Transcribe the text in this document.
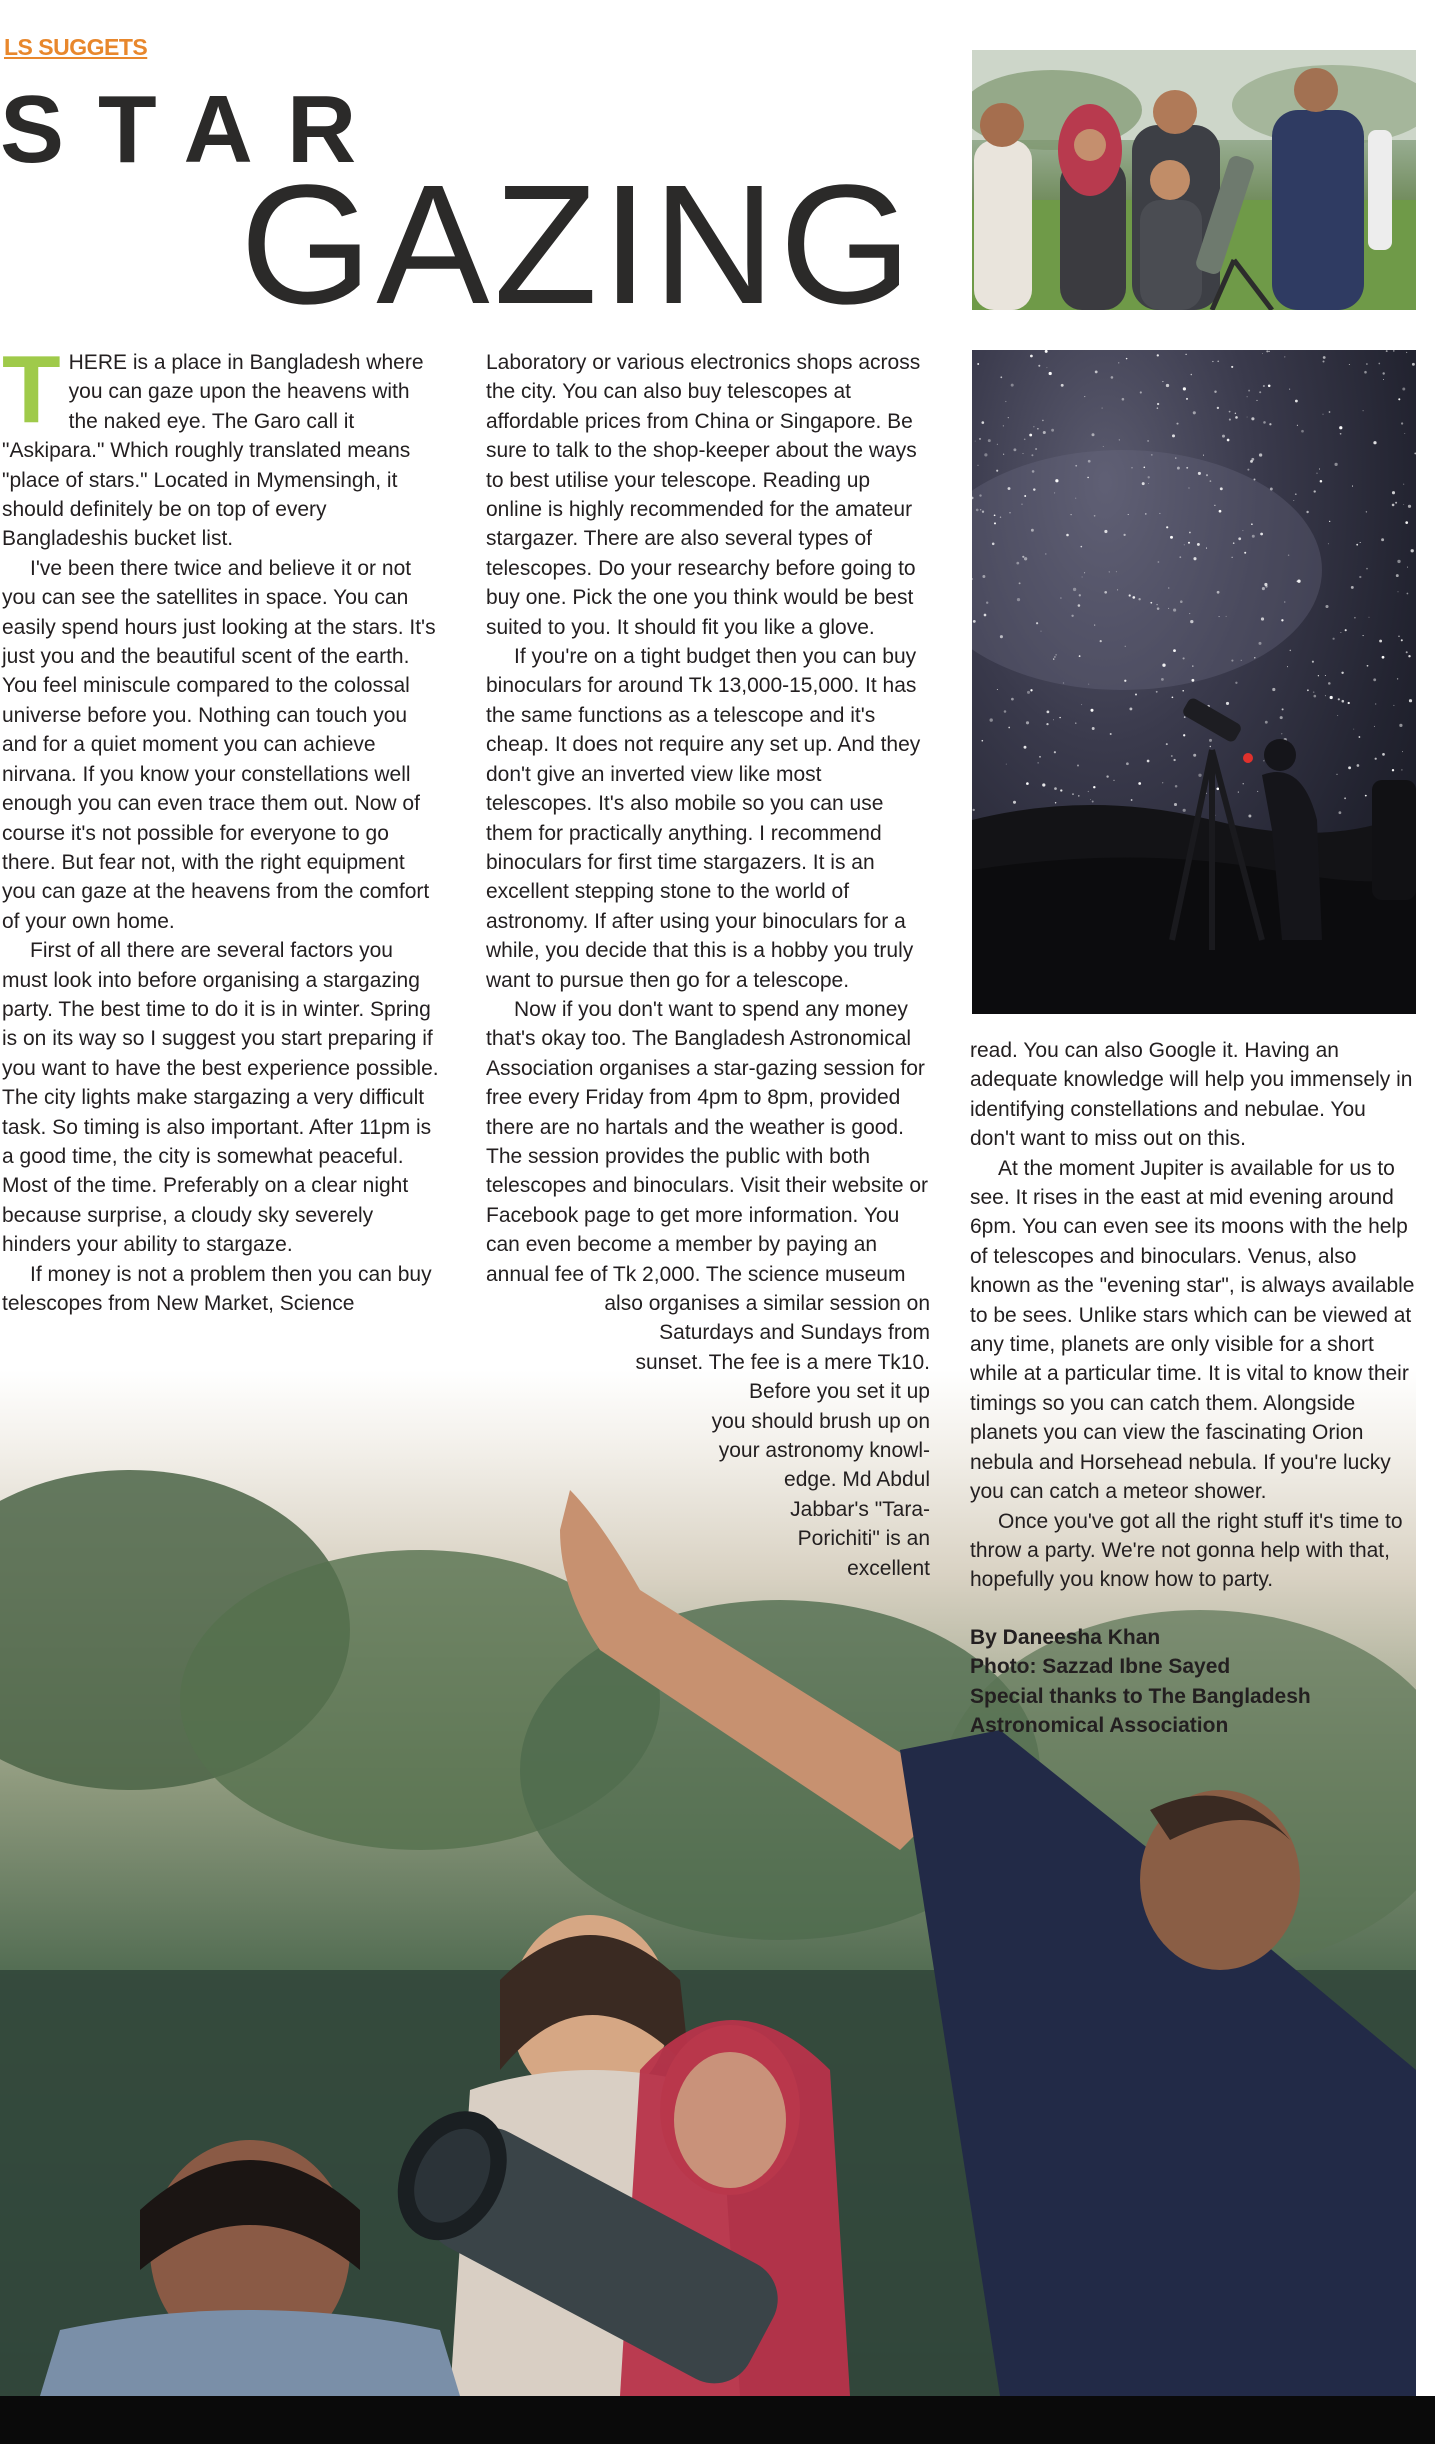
LS SUGGETS
STAR
GAZING
T HERE is a place in Bangladesh where you can gaze upon the heavens with the naked eye. The Garo call it "Askipara." Which roughly translated means "place of stars." Located in Mymensingh, it should definitely be on top of every Bangladeshis bucket list.

I've been there twice and believe it or not you can see the satellites in space. You can easily spend hours just looking at the stars. It's just you and the beautiful scent of the earth. You feel miniscule compared to the colossal universe before you. Nothing can touch you and for a quiet moment you can achieve nirvana. If you know your constellations well enough you can even trace them out. Now of course it's not possible for everyone to go there. But fear not, with the right equipment you can gaze at the heavens from the comfort of your own home.

First of all there are several factors you must look into before organising a stargazing party. The best time to do it is in winter. Spring is on its way so I suggest you start preparing if you want to have the best experience possible. The city lights make stargazing a very difficult task. So timing is also important. After 11pm is a good time, the city is somewhat peaceful. Most of the time. Preferably on a clear night because surprise, a cloudy sky severely hinders your ability to stargaze.

If money is not a problem then you can buy telescopes from New Market, Science

Laboratory or various electronics shops across the city. You can also buy telescopes at affordable prices from China or Singapore. Be sure to talk to the shop-keeper about the ways to best utilise your telescope. Reading up online is highly recommended for the amateur stargazer. There are also several types of telescopes. Do your researchy before going to buy one. Pick the one you think would be best suited to you. It should fit you like a glove.

If you're on a tight budget then you can buy binoculars for around Tk 13,000-15,000. It has the same functions as a telescope and it's cheap. It does not require any set up. And they don't give an inverted view like most telescopes. It's also mobile so you can use them for practically anything. I recommend binoculars for first time stargazers. It is an excellent stepping stone to the world of astronomy. If after using your binoculars for a while, you decide that this is a hobby you truly want to pursue then go for a telescope.

Now if you don't want to spend any money that's okay too. The Bangladesh Astronomical Association organises a star-gazing session for free every Friday from 4pm to 8pm, provided there are no hartals and the weather is good. The session provides the public with both telescopes and binoculars. Visit their website or Facebook page to get more information. You can even become a member by paying an annual fee of Tk 2,000. The science museum

also organises a similar session on
Saturdays and Sundays from
sunset. The fee is a mere Tk10.
Before you set it up
you should brush up on
your astronomy knowl-
edge. Md Abdul
Jabbar's "Tara-
Porichiti" is an
excellent

read. You can also Google it. Having an adequate knowledge will help you immensely in identifying constellations and nebulae. You don't want to miss out on this.

At the moment Jupiter is available for us to see. It rises in the east at mid evening around 6pm. You can even see its moons with the help of telescopes and binoculars. Venus, also known as the "evening star", is always available to be sees. Unlike stars which can be viewed at any time, planets are only visible for a short while at a particular time. It is vital to know their timings so you can catch them. Alongside planets you can view the fascinating Orion nebula and Horsehead nebula. If you're lucky you can catch a meteor shower.

Once you've got all the right stuff it's time to throw a party. We're not gonna help with that, hopefully you know how to party.

By Daneesha Khan
Photo: Sazzad Ibne Sayed
Special thanks to The Bangladesh
Astronomical Association
